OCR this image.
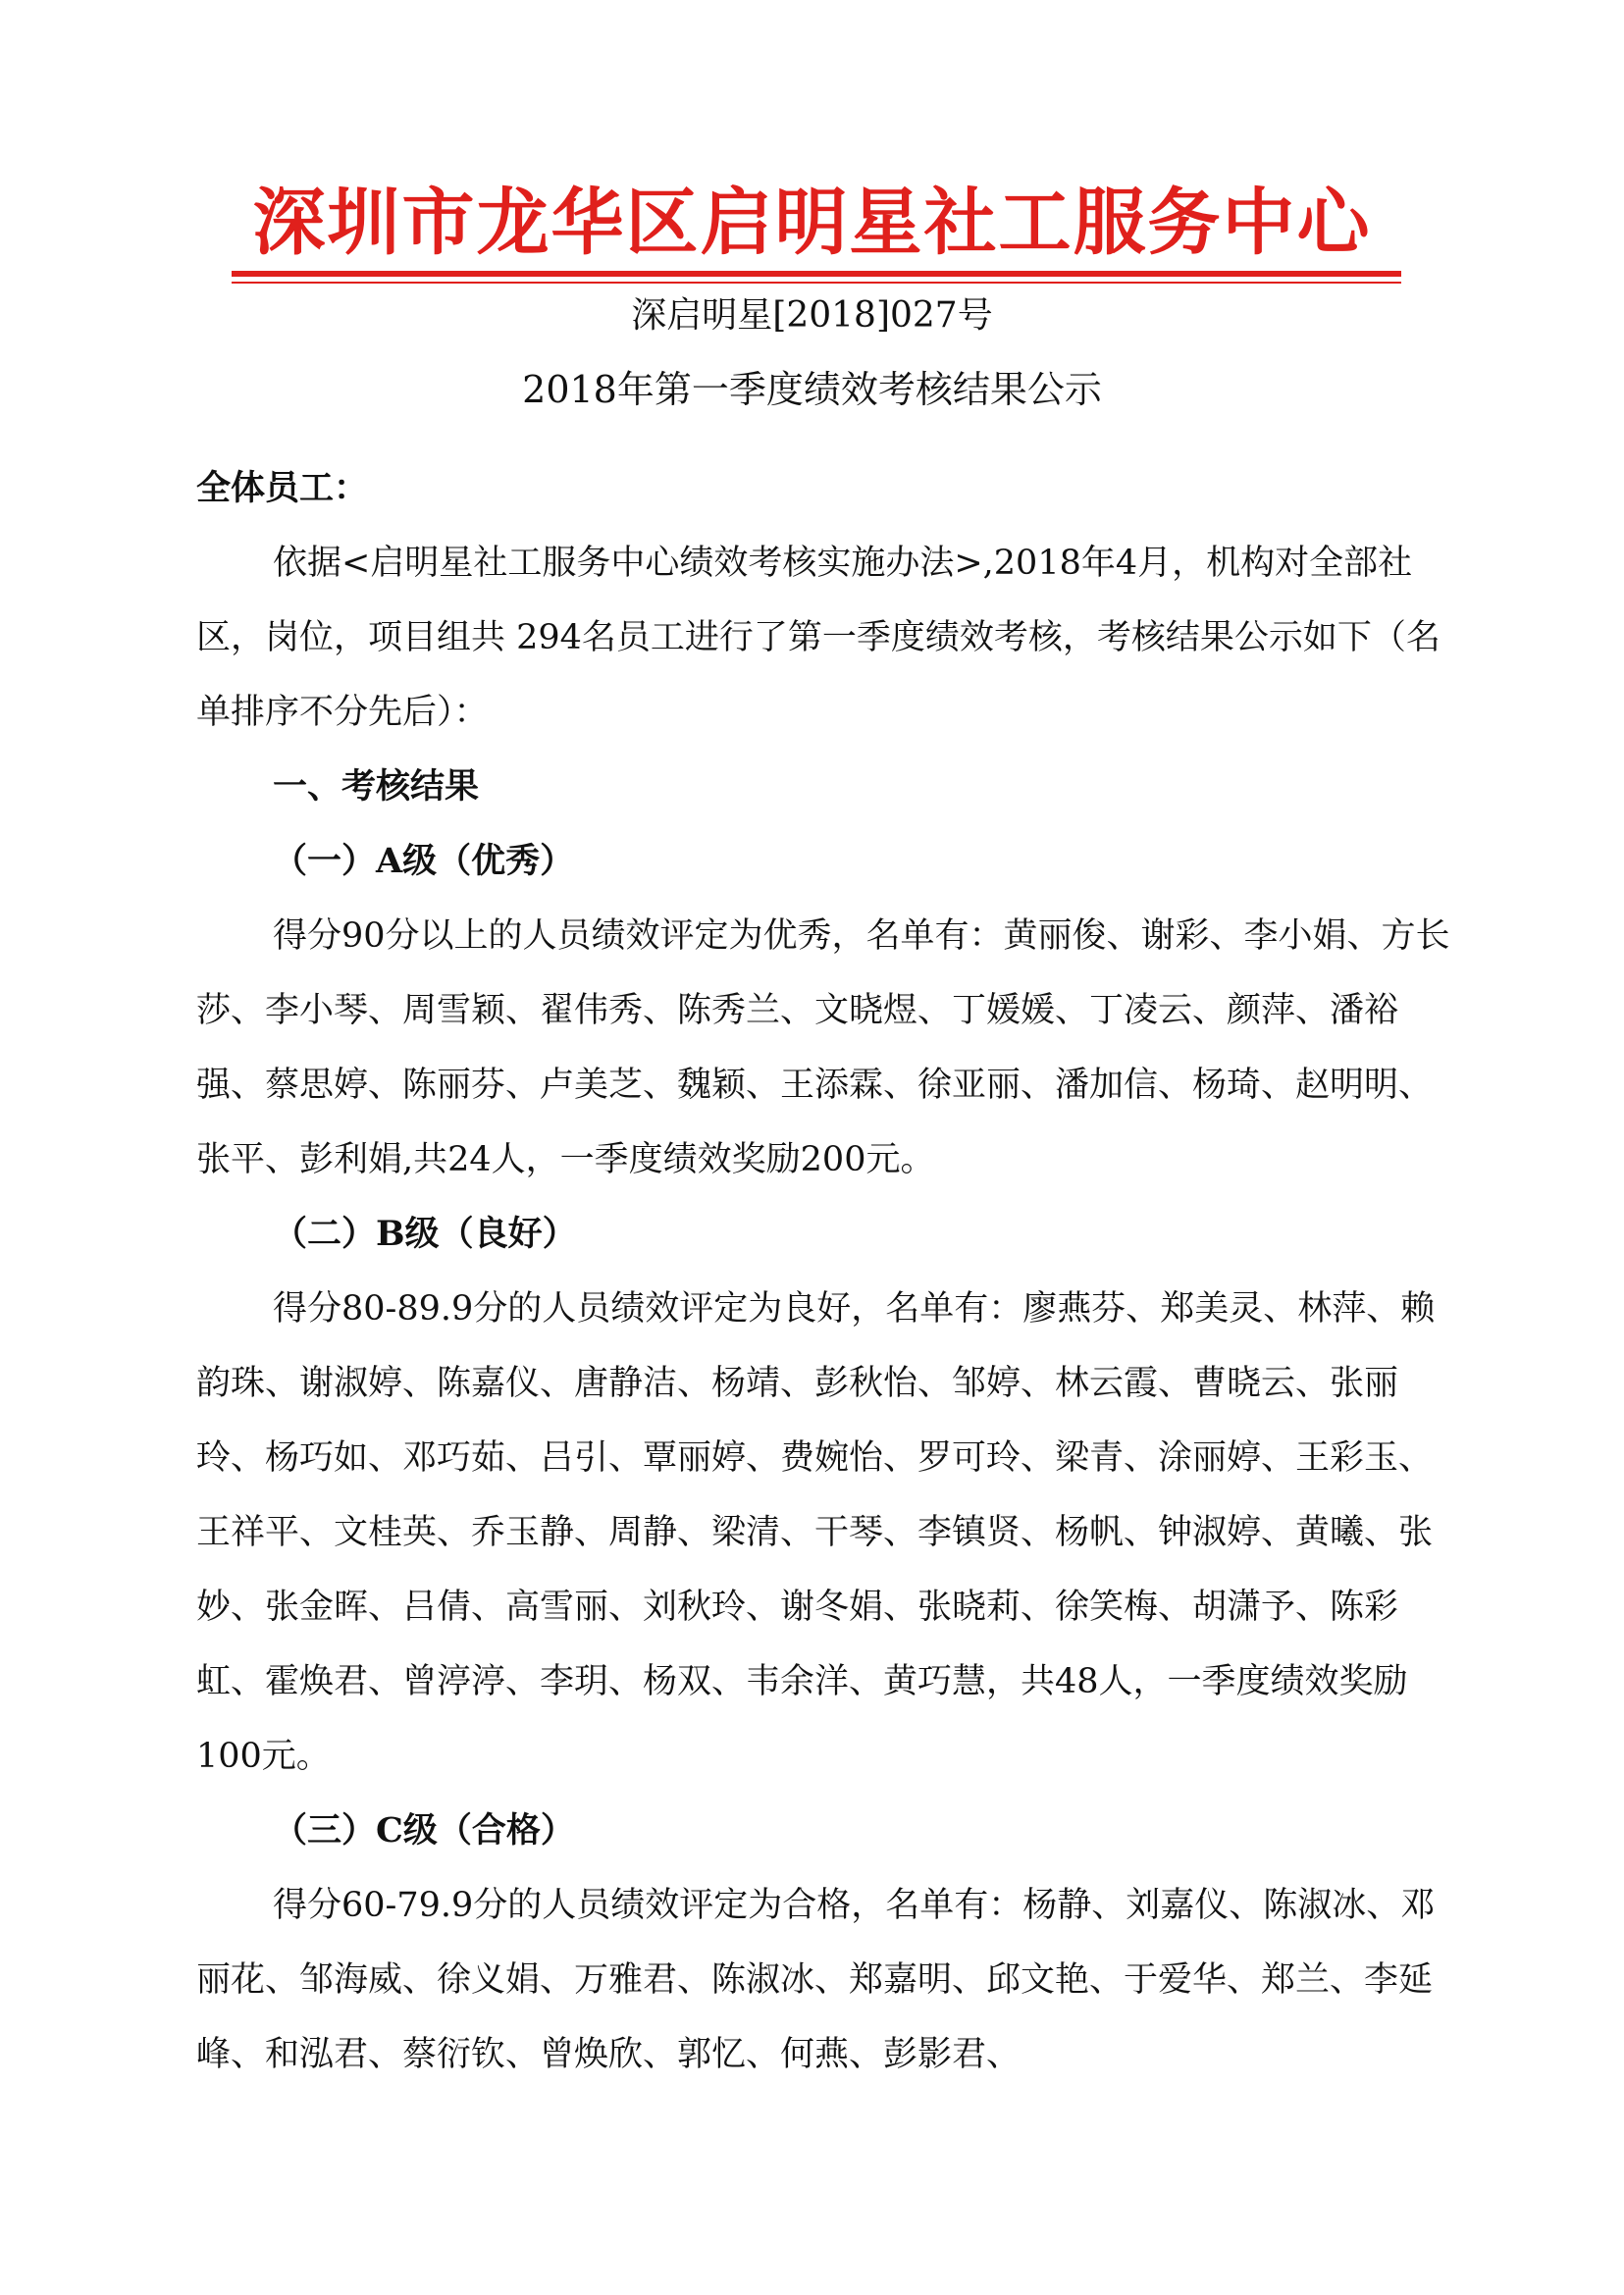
深圳市龙华区启明星社工服务中心
深启明星[2018]027号
2018年第一季度绩效考核结果公示

全体员工：

依据<启明星社工服务中心绩效考核实施办法>,2018年4月，机构对全部社区，岗位，项目组共 294名员工进行了第一季度绩效考核，考核结果公示如下（名单排序不分先后）：

一、考核结果

（一）A级（优秀）

得分90分以上的人员绩效评定为优秀，名单有：黄丽俊、谢彩、李小娟、方长莎、李小琴、周雪颖、翟伟秀、陈秀兰、文晓煜、丁媛媛、丁凌云、颜萍、潘裕强、蔡思婷、陈丽芬、卢美芝、魏颖、王添霖、徐亚丽、潘加信、杨琦、赵明明、张平、彭利娟,共24人，一季度绩效奖励200元。

（二）B级（良好）

得分80-89.9分的人员绩效评定为良好，名单有：廖燕芬、郑美灵、林萍、赖韵珠、谢淑婷、陈嘉仪、唐静洁、杨靖、彭秋怡、邹婷、林云霞、曹晓云、张丽玲、杨巧如、邓巧茹、吕引、覃丽婷、费婉怡、罗可玲、梁青、涂丽婷、王彩玉、王祥平、文桂英、乔玉静、周静、梁清、干琴、李镇贤、杨帆、钟淑婷、黄曦、张妙、张金晖、吕倩、高雪丽、刘秋玲、谢冬娟、张晓莉、徐笑梅、胡潇予、陈彩虹、霍焕君、曾渟渟、李玥、杨双、韦余洋、黄巧慧，共48人，一季度绩效奖励100元。

（三）C级（合格）

得分60-79.9分的人员绩效评定为合格，名单有：杨静、刘嘉仪、陈淑冰、邓丽花、邹海威、徐义娟、万雅君、陈淑冰、郑嘉明、邱文艳、于爱华、郑兰、李延峰、和泓君、蔡衍钦、曾焕欣、郭忆、何燕、彭影君、
